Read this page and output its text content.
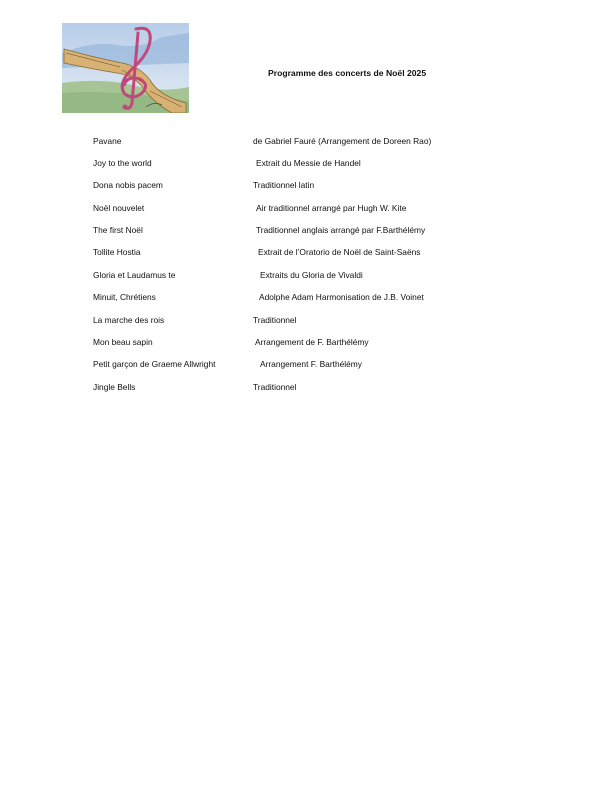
Programme des concerts de Noël 2025
Pavane	de Gabriel Fauré (Arrangement de Doreen Rao)
Joy to the world	Extrait du Messie de Handel
Dona nobis pacem	Traditionnel latin
Noël nouvelet	Air traditionnel arrangé par Hugh W. Kite
The first Noël	Traditionnel anglais arrangé par F.Barthélémy
Tollite Hostia	Extrait de l’Oratorio de Noël de Saint-Saëns
Gloria et Laudamus te	Extraits du Gloria de Vivaldi
Minuit, Chrétiens	Adolphe Adam Harmonisation de J.B. Voinet
La marche des rois	Traditionnel
Mon beau sapin	Arrangement de F. Barthélémy
Petit garçon de Graeme Allwright	Arrangement F. Barthélémy
Jingle Bells	Traditionnel
